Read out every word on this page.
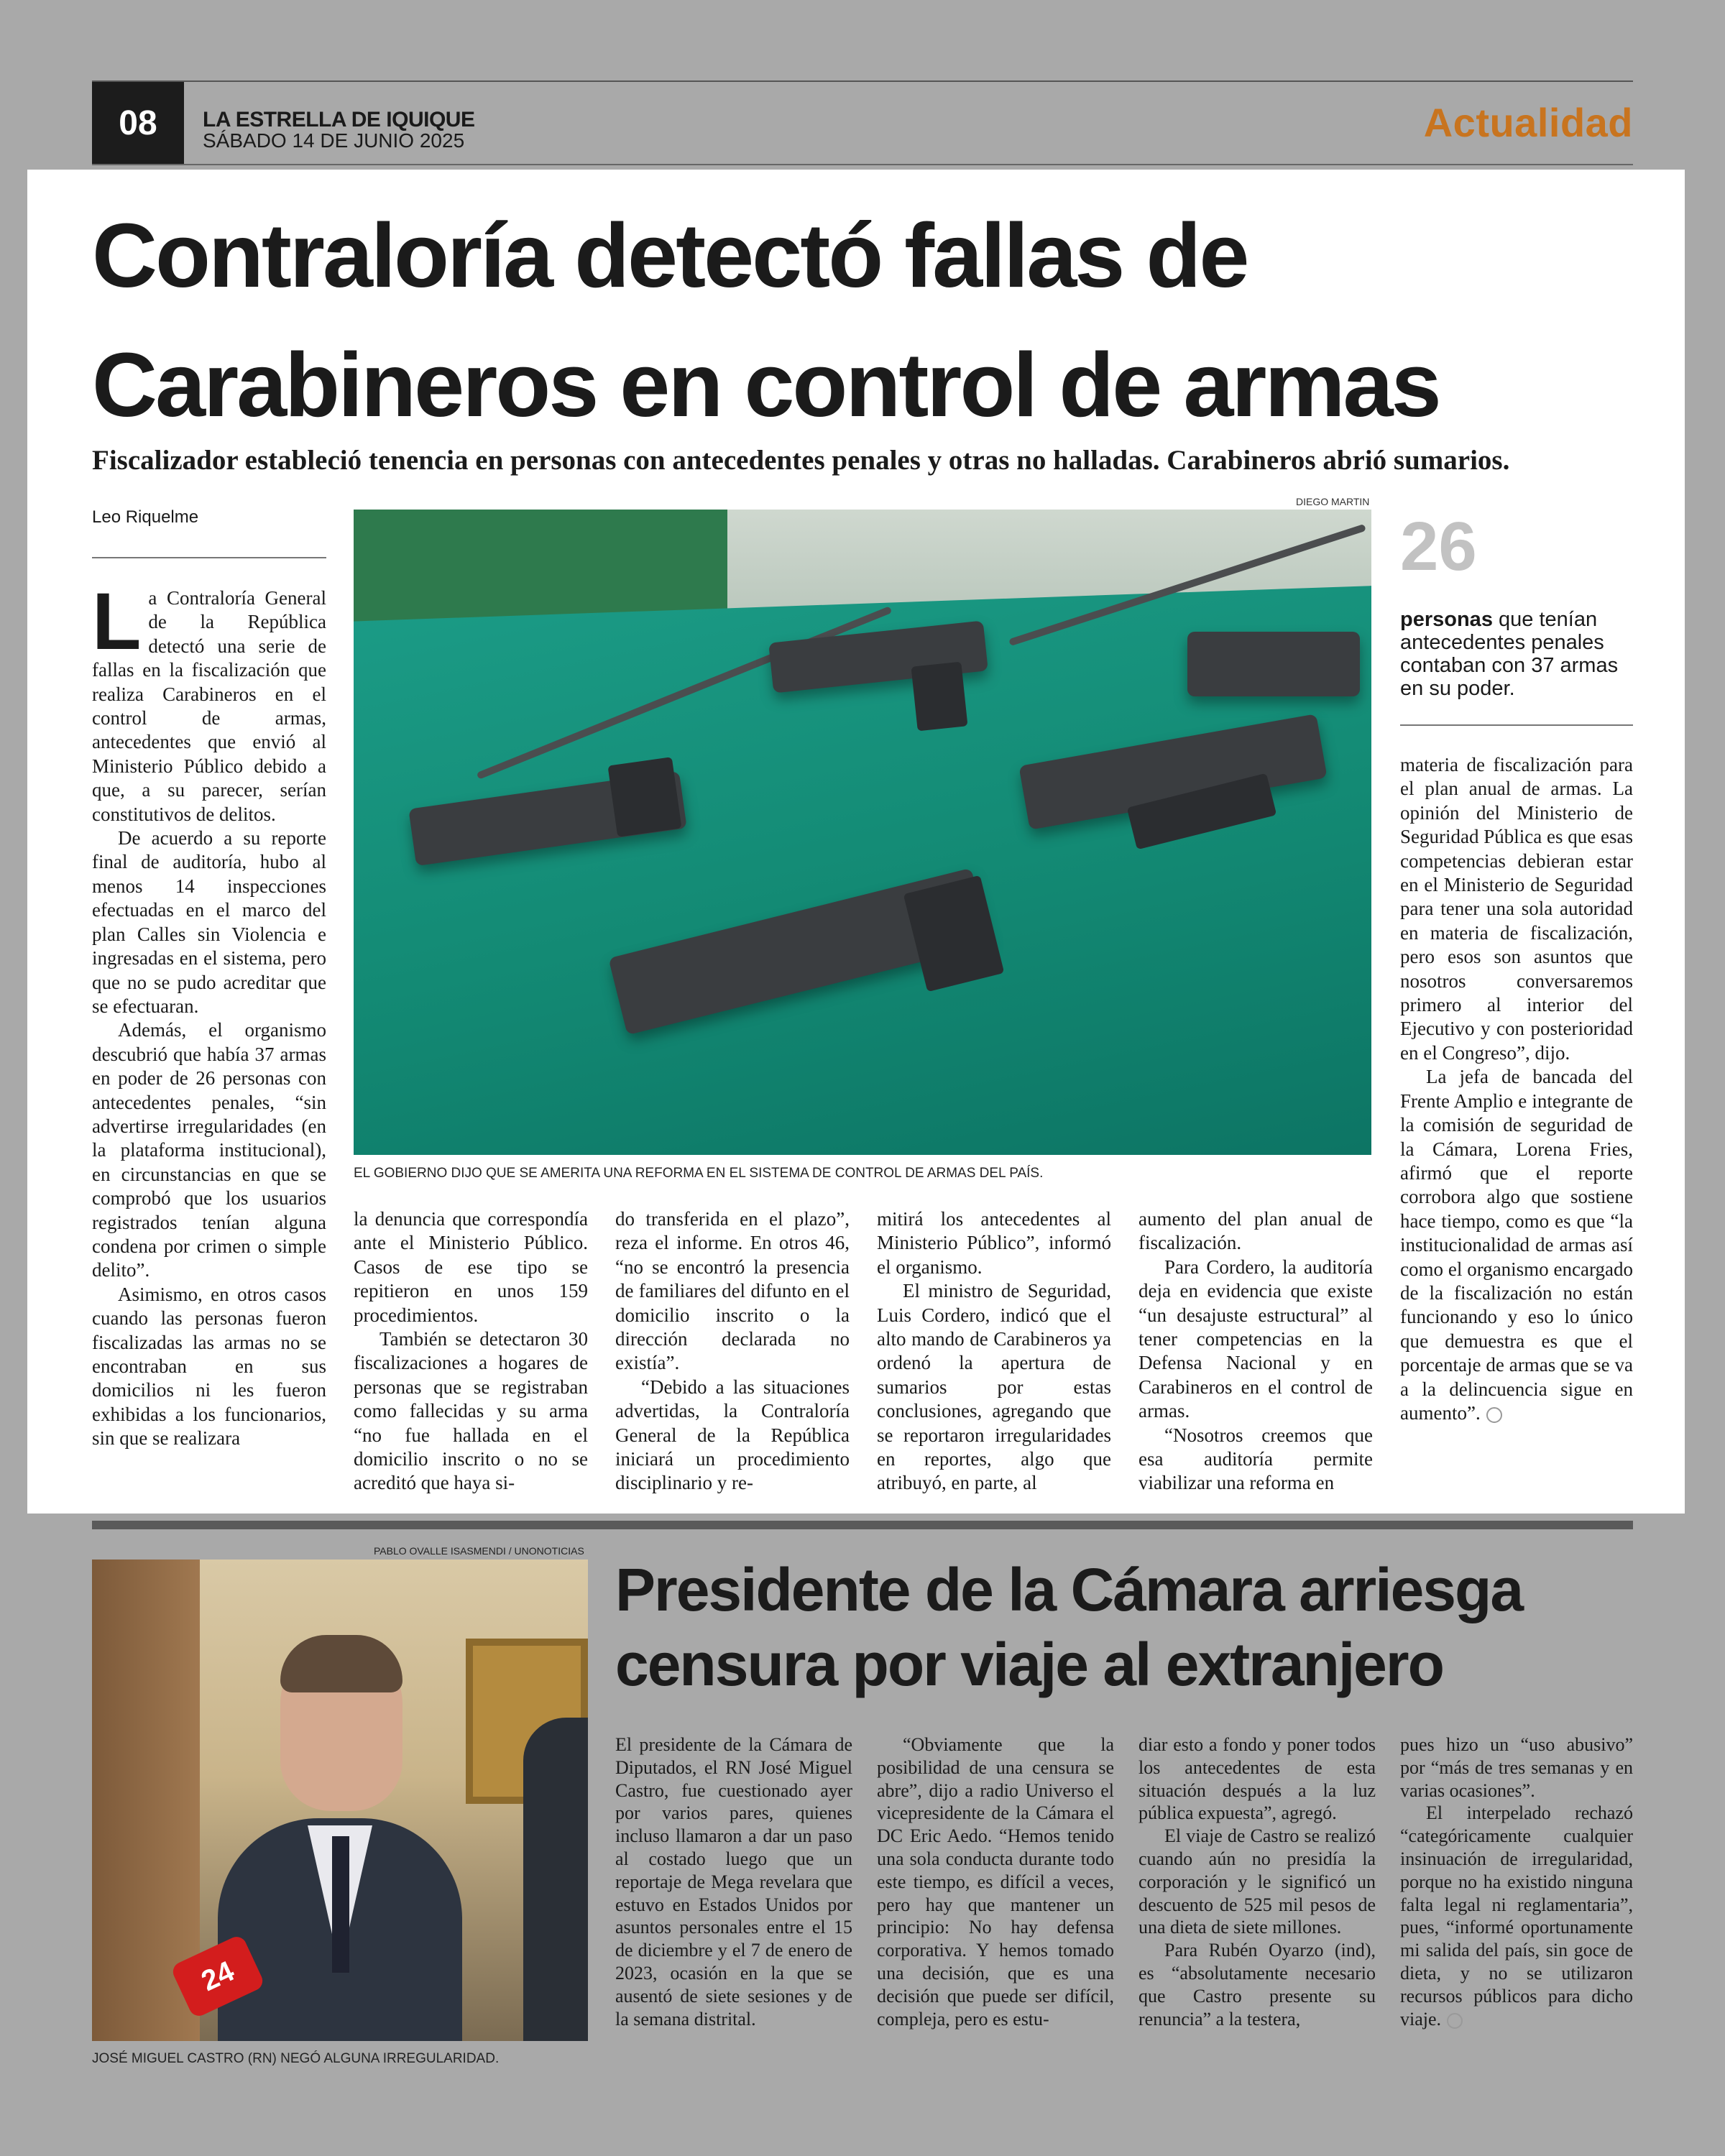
08	LA ESTRELLA DE IQUIQUE
SÁBADO 14 DE JUNIO 2025	Actualidad
Contraloría detectó fallas de
Carabineros en control de armas

Fiscalizador estableció tenencia en personas con antecedentes penales y otras no halladas. Carabineros abrió sumarios.

Leo Riquelme
DIEGO MARTIN
EL GOBIERNO DIJO QUE SE AMERITA UNA REFORMA EN EL SISTEMA DE CONTROL DE ARMAS DEL PAÍS.
26
personas que tenían antecedentes penales contaban con 37 armas en su poder.

La Contraloría General de la República detectó una serie de fallas en la fiscalización que realiza Carabineros en el control de armas, antecedentes que envió al Ministerio Público debido a que, a su parecer, serían constitutivos de delitos.

De acuerdo a su reporte final de auditoría, hubo al menos 14 inspecciones efectuadas en el marco del plan Calles sin Violencia e ingresadas en el sistema, pero que no se pudo acreditar que se efectuaran.

Además, el organismo descubrió que había 37 armas en poder de 26 personas con antecedentes penales, “sin advertirse irregularidades (en la plataforma institucional), en circunstancias en que se comprobó que los usuarios registrados tenían alguna condena por crimen o simple delito”.

Asimismo, en otros casos cuando las personas fueron fiscalizadas las armas no se encontraban en sus domicilios ni les fueron exhibidas a los funcionarios, sin que se realizara

la denuncia que correspondía ante el Ministerio Público. Casos de ese tipo se repitieron en unos 159 procedimientos.

También se detectaron 30 fiscalizaciones a hogares de personas que se registraban como fallecidas y su arma “no fue hallada en el domicilio inscrito o no se acreditó que haya si-

do transferida en el plazo”, reza el informe. En otros 46, “no se encontró la presencia de familiares del difunto en el domicilio inscrito o la dirección declarada no existía”.

“Debido a las situaciones advertidas, la Contraloría General de la República iniciará un procedimiento disciplinario y re-

mitirá los antecedentes al Ministerio Público”, informó el organismo.

El ministro de Seguridad, Luis Cordero, indicó que el alto mando de Carabineros ya ordenó la apertura de sumarios por estas conclusiones, agregando que se reportaron irregularidades en reportes, algo que atribuyó, en parte, al

aumento del plan anual de fiscalización.

Para Cordero, la auditoría deja en evidencia que existe “un desajuste estructural” al tener competencias en la Defensa Nacional y en Carabineros en el control de armas.

“Nosotros creemos que esa auditoría permite viabilizar una reforma en

materia de fiscalización para el plan anual de armas. La opinión del Ministerio de Seguridad Pública es que esas competencias debieran estar en el Ministerio de Seguridad para tener una sola autoridad en materia de fiscalización, pero esos son asuntos que nosotros conversaremos primero al interior del Ejecutivo y con posterioridad en el Congreso”, dijo.

La jefa de bancada del Frente Amplio e integrante de la comisión de seguridad de la Cámara, Lorena Fries, afirmó que el reporte corrobora algo que sostiene hace tiempo, como es que “la institucionalidad de armas así como el organismo encargado de la fiscalización no están funcionando y eso lo único que demuestra es que el porcentaje de armas que se va a la delincuencia sigue en aumento”.

PABLO OVALLE ISASMENDI / UNONOTICIAS
24
JOSÉ MIGUEL CASTRO (RN) NEGÓ ALGUNA IRREGULARIDAD.
Presidente de la Cámara arriesga
censura por viaje al extranjero

El presidente de la Cámara de Diputados, el RN José Miguel Castro, fue cuestionado ayer por varios pares, quienes incluso llamaron a dar un paso al costado luego que un reportaje de Mega revelara que estuvo en Estados Unidos por asuntos personales entre el 15 de diciembre y el 7 de enero de 2023, ocasión en la que se ausentó de siete sesiones y de la semana distrital.

“Obviamente que la posibilidad de una censura se abre”, dijo a radio Universo el vicepresidente de la Cámara el DC Eric Aedo. “Hemos tenido una sola conducta durante todo este tiempo, es difícil a veces, pero hay que mantener un principio: No hay defensa corporativa. Y hemos tomado una decisión, que es una decisión que puede ser difícil, compleja, pero es estu-

diar esto a fondo y poner todos los antecedentes de esta situación después a la luz pública expuesta”, agregó.

El viaje de Castro se realizó cuando aún no presidía la corporación y le significó un descuento de 525 mil pesos de una dieta de siete millones.

Para Rubén Oyarzo (ind), es “absolutamente necesario que Castro presente su renuncia” a la testera,

pues hizo un “uso abusivo” por “más de tres semanas y en varias ocasiones”.

El interpelado rechazó “categóricamente cualquier insinuación de irregularidad, porque no ha existido ninguna falta legal ni reglamentaria”, pues, “informé oportunamente mi salida del país, sin goce de dieta, y no se utilizaron recursos públicos para dicho viaje.
